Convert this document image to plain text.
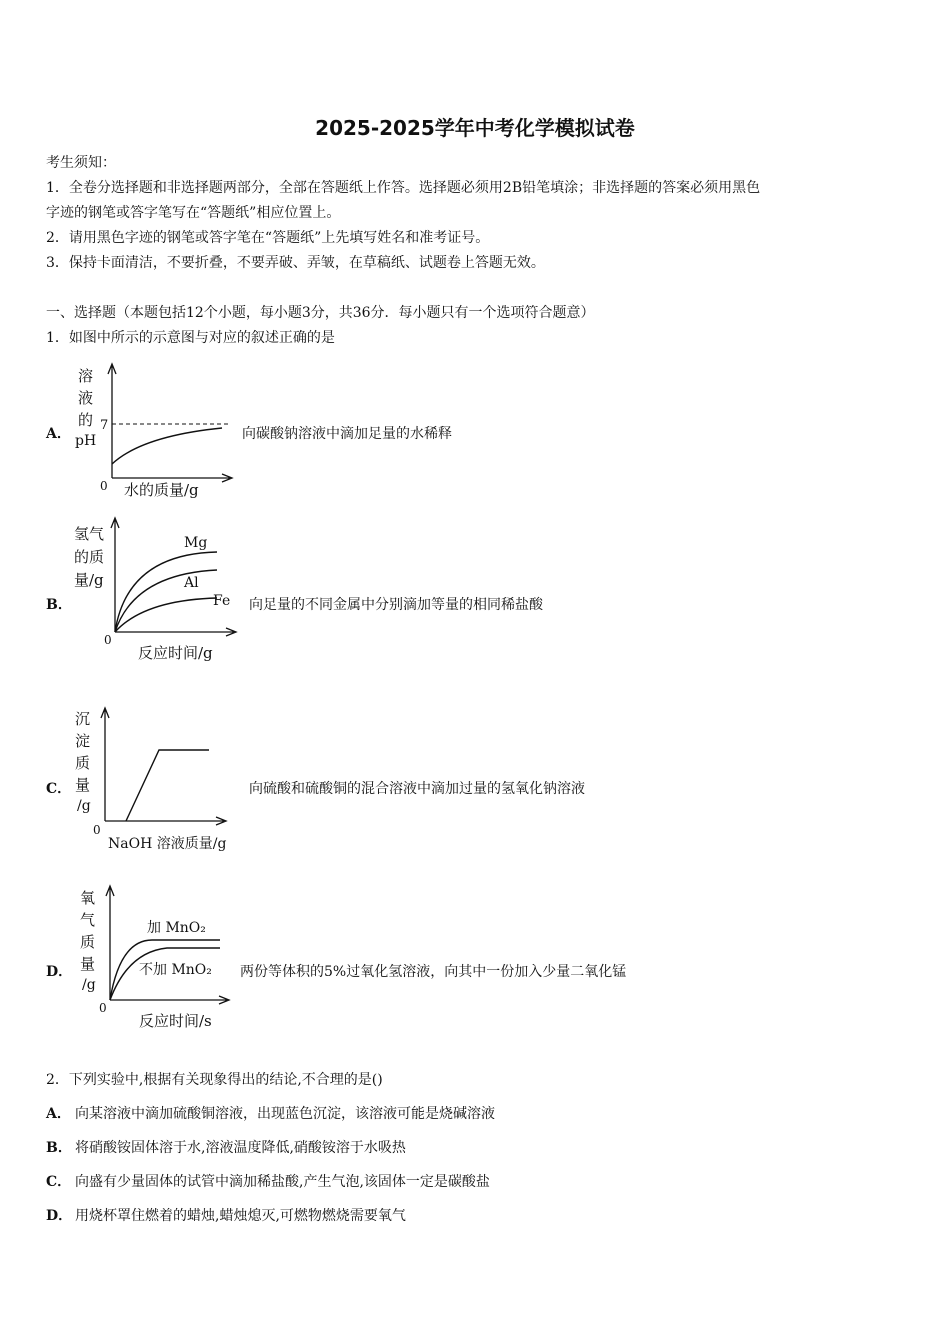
2025-2025学年中考化学模拟试卷
考生须知：
1．全卷分选择题和非选择题两部分，全部在答题纸上作答。选择题必须用2B铅笔填涂；非选择题的答案必须用黑色
字迹的钢笔或答字笔写在“答题纸”相应位置上。
2．请用黑色字迹的钢笔或答字笔在“答题纸”上先填写姓名和准考证号。
3．保持卡面清洁，不要折叠，不要弄破、弄皱，在草稿纸、试题卷上答题无效。
一、选择题（本题包括12个小题，每小题3分，共36分．每小题只有一个选项符合题意）
1．如图中所示的示意图与对应的叙述正确的是
A．
溶
液
的
pH
7
0 水的质量/g
向碳酸钠溶液中滴加足量的水稀释
B．
氢气
的质
量/g
Mg
Al
Fe
0
反应时间/g
向足量的不同金属中分别滴加等量的相同稀盐酸
C．
沉
淀
质
量
/g
0
NaOH 溶液质量/g
向硫酸和硫酸铜的混合溶液中滴加过量的氢氧化钠溶液
D．
氧
气
质
量
/g
加 MnO₂
不加 MnO₂
0
反应时间/s
两份等体积的5%过氧化氢溶液，向其中一份加入少量二氧化锰
2．下列实验中,根据有关现象得出的结论,不合理的是()
A． 向某溶液中滴加硫酸铜溶液，出现蓝色沉淀，该溶液可能是烧碱溶液
B． 将硝酸铵固体溶于水,溶液温度降低,硝酸铵溶于水吸热
C． 向盛有少量固体的试管中滴加稀盐酸,产生气泡,该固体一定是碳酸盐
D． 用烧杯罩住燃着的蜡烛,蜡烛熄灭,可燃物燃烧需要氧气
